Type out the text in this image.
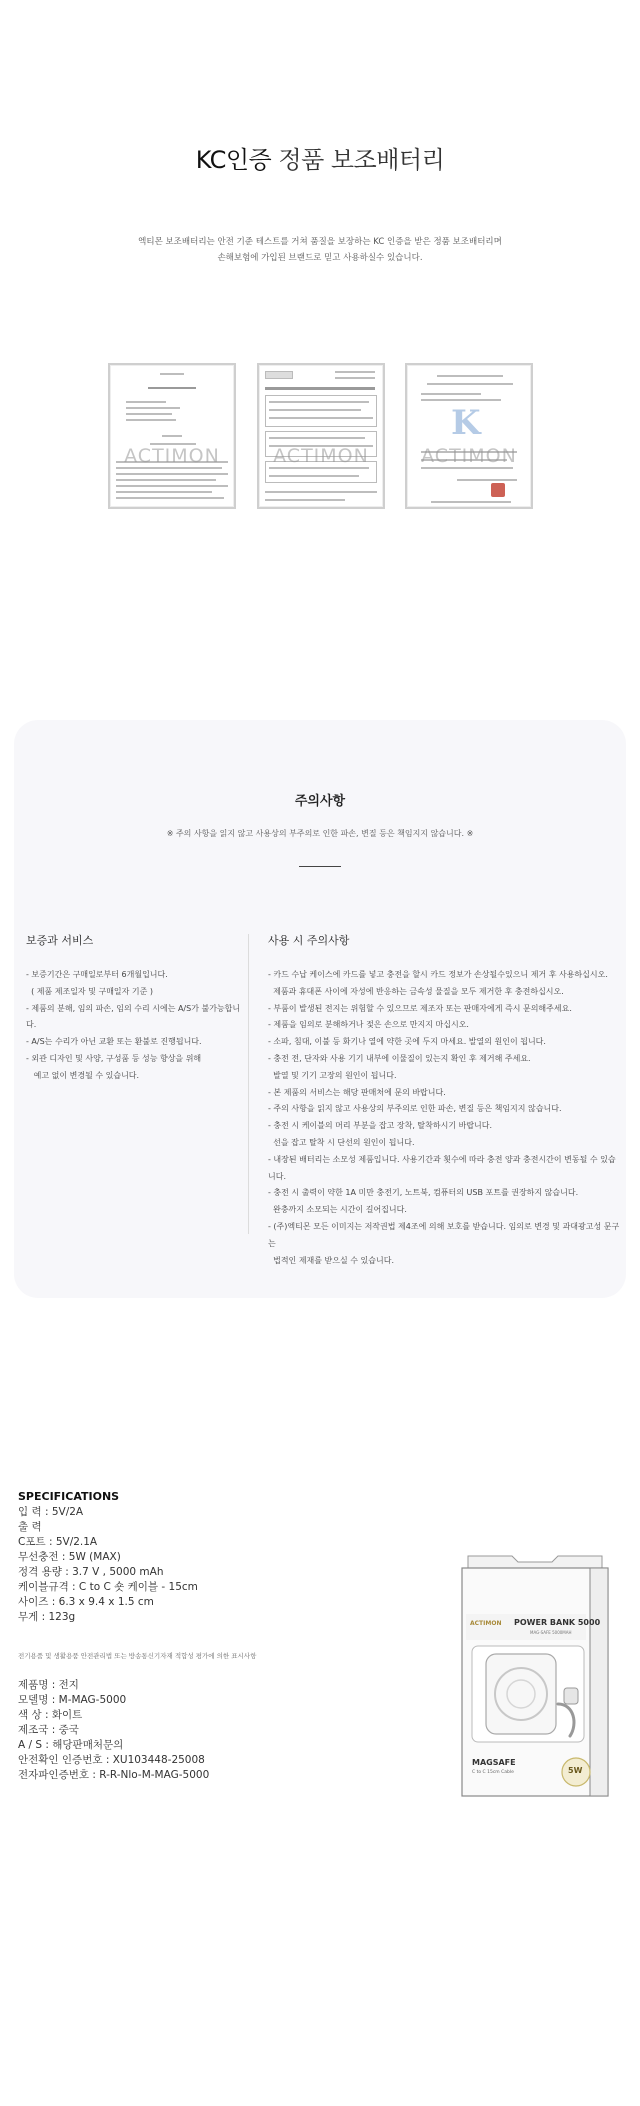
KC인증 정품 보조배터리
엑티몬 보조배터리는 안전 기준 테스트를 거쳐 품질을 보장하는 KC 인증을 받은 정품 보조배터리며
손해보험에 가입된 브랜드로 믿고 사용하실수 있습니다.
ACTIMON	ACTIMON
K
ACTIMON
주의사항
※ 주의 사항을 읽지 않고 사용상의 부주의로 인한 파손, 변질 등은 책임지지 않습니다. ※
보증과 서비스	사용 시 주의사항
- 보증기간은 구매일로부터 6개월입니다.
( 제품 제조일자 및 구매일자 기준 )
- 제품의 분해, 임의 파손, 임의 수리 시에는 A/S가 불가능합니다.
- A/S는 수리가 아닌 교환 또는 환불로 진행됩니다.
- 외관 디자인 및 사양, 구성품 등 성능 향상을 위해
예고 없이 변경될 수 있습니다.
- 카드 수납 케이스에 카드를 넣고 충전을 할시 카드 정보가 손상될수있으니 제거 후 사용하십시오.
제품과 휴대폰 사이에 자성에 반응하는 금속성 물질을 모두 제거한 후 충전하십시오.
- 부품이 발생된 전지는 위험할 수 있으므로 제조자 또는 판매자에게 즉시 문의해주세요.
- 제품을 임의로 분해하거나 젖은 손으로 만지지 마십시오.
- 소파, 침대, 이불 등 화기나 열에 약한 곳에 두지 마세요. 발열의 원인이 됩니다.
- 충전 전, 단자와 사용 기기 내부에 이물질이 있는지 확인 후 제거해 주세요.
발열 및 기기 고장의 원인이 됩니다.
- 본 제품의 서비스는 해당 판매처에 문의 바랍니다.
- 주의 사항을 읽지 않고 사용상의 부주의로 인한 파손, 변질 등은 책임지지 않습니다.
- 충전 시 케이블의 머리 부분을 잡고 장착, 탈착하시기 바랍니다.
선을 잡고 탈착 시 단선의 원인이 됩니다.
- 내장된 배터리는 소모성 제품입니다. 사용기간과 횟수에 따라 충전 양과 충전시간이 변동될 수 있습니다.
- 충전 시 출력이 약한 1A 미만 충전기, 노트북, 컴퓨터의 USB 포트를 권장하지 않습니다.
완충까지 소모되는 시간이 길어집니다.
- (주)엑티몬 모든 이미지는 저작권법 제4조에 의해 보호를 받습니다. 임의로 변경 및 과대광고성 문구는
법적인 제재를 받으실 수 있습니다.
SPECIFICATIONS
입 력 : 5V/2A
출 력
C포트 : 5V/2.1A
무선충전 : 5W (MAX)
정격 용량 : 3.7 V , 5000 mAh
케이블규격 : C to C 숏 케이블 - 15cm
사이즈 : 6.3 x 9.4 x 1.5 cm
무게 : 123g
전기용품 및 생활용품 안전관리법 또는 방송통신기자재 적합성 평가에 의한 표시사항
제품명 : 전지
모델명 : M-MAG-5000
색 상 : 화이트
제조국 : 중국
A / S : 해당판매처문의
안전확인 인증번호 : XU103448-25008
전자파인증번호 : R-R-Nlo-M-MAG-5000
ACTIMON POWER BANK 5000
MAG-SAFE 5000MAH
MAGSAFE
C to C 15cm Cable	5W
